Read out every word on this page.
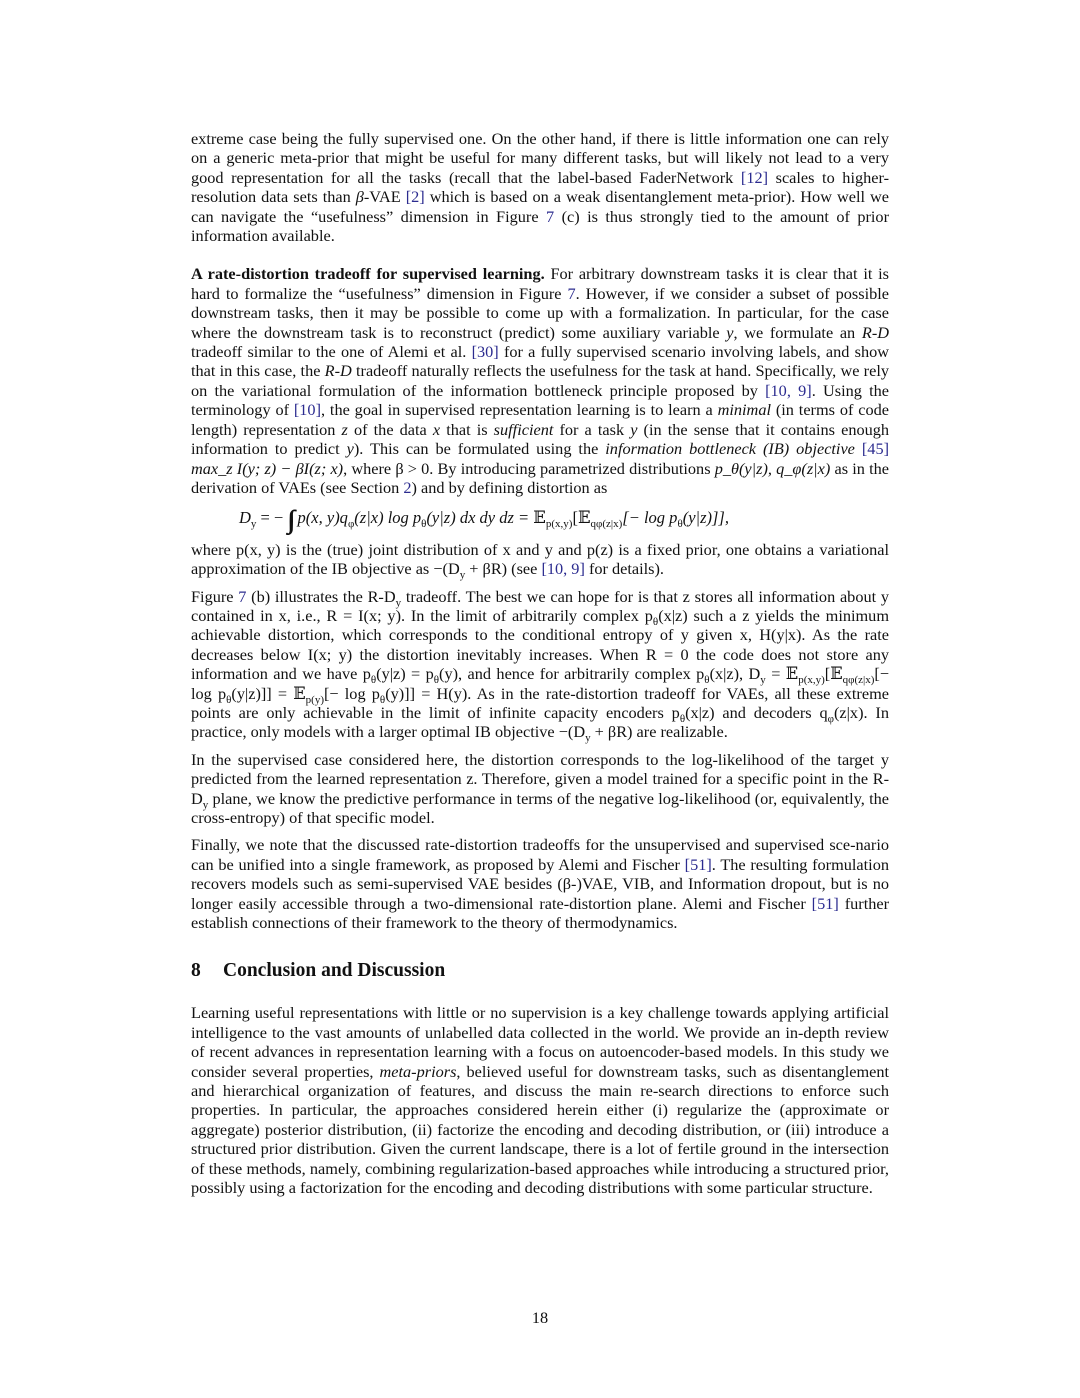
extreme case being the fully supervised one. On the other hand, if there is little information one can rely on a generic meta-prior that might be useful for many different tasks, but will likely not lead to a very good representation for all the tasks (recall that the label-based FaderNetwork [12] scales to higher-resolution data sets than β-VAE [2] which is based on a weak disentanglement meta-prior). How well we can navigate the “usefulness” dimension in Figure 7 (c) is thus strongly tied to the amount of prior information available.

A rate-distortion tradeoff for supervised learning. For arbitrary downstream tasks it is clear that it is hard to formalize the “usefulness” dimension in Figure 7. However, if we consider a subset of possible downstream tasks, then it may be possible to come up with a formalization. In particular, for the case where the downstream task is to reconstruct (predict) some auxiliary variable y, we formulate an R-D tradeoff similar to the one of Alemi et al. [30] for a fully supervised scenario involving labels, and show that in this case, the R-D tradeoff naturally reflects the usefulness for the task at hand. Specifically, we rely on the variational formulation of the information bottleneck principle proposed by [10, 9]. Using the terminology of [10], the goal in supervised representation learning is to learn a minimal (in terms of code length) representation z of the data x that is sufficient for a task y (in the sense that it contains enough information to predict y). This can be formulated using the information bottleneck (IB) objective [45] max_z I(y; z) − βI(z; x), where β > 0. By introducing parametrized distributions p_θ(y|z), q_φ(z|x) as in the derivation of VAEs (see Section 2) and by defining distortion as

$D_y$ = − ∫∫ p(x, $y)q_\varphi(z|x)$ $\log p_\theta(y|z)$ dx dy dz = 𝔼$_{p(x,y)}$[𝔼$_{q\varphi(z|x)}$[− $\log p_\theta(y|z)$]],

where p(x, y) is the (true) joint distribution of x and y and p(z) is a fixed prior, one obtains a variational approximation of the IB objective as $-(D_y + \beta R)$ (see [10, 9] for details).

Figure 7 (b) illustrates the $R-D_y$ tradeoff. The best we can hope for is that z stores all information about y contained in x, i.e., R = I(x; y). In the limit of arbitrarily complex $p_\theta(x|z)$ such a z yields the minimum achievable distortion, which corresponds to the conditional entropy of y given x, H(y|x). As the rate decreases below I(x; y) the distortion inevitably increases. When R = 0 the code does not store any information and we have $p_\theta(y|z) = p_\theta(y)$, and hence for arbitrarily complex $p_\theta(x|z)$, $D_y$ = 𝔼$_{p(x,y)}$[𝔼$_{q\varphi(z|x)}$[− $\log p_\theta(y|z)$]] = 𝔼$_{p(y)}$[− $\log p_\theta(y)]] = H(y)$. As in the rate-distortion tradeoff for VAEs, all these extreme points are only achievable in the limit of infinite capacity encoders $p_\theta(x|z)$ and decoders $q_\varphi(z|x)$. In practice, only models with a larger optimal IB objective $-(D_y + \beta R)$ are realizable.

In the supervised case considered here, the distortion corresponds to the log-likelihood of the target y predicted from the learned representation z. Therefore, given a model trained for a specific point in the $R-D_y$ plane, we know the predictive performance in terms of the negative log-likelihood (or, equivalently, the cross-entropy) of that specific model.

Finally, we note that the discussed rate-distortion tradeoffs for the unsupervised and supervised sce-nario can be unified into a single framework, as proposed by Alemi and Fischer [51]. The resulting formulation recovers models such as semi-supervised VAE besides (β-)VAE, VIB, and Information dropout, but is no longer easily accessible through a two-dimensional rate-distortion plane. Alemi and Fischer [51] further establish connections of their framework to the theory of thermodynamics.

8 Conclusion and Discussion

Learning useful representations with little or no supervision is a key challenge towards applying artificial intelligence to the vast amounts of unlabelled data collected in the world. We provide an in-depth review of recent advances in representation learning with a focus on autoencoder-based models. In this study we consider several properties, meta-priors, believed useful for downstream tasks, such as disentanglement and hierarchical organization of features, and discuss the main re-search directions to enforce such properties. In particular, the approaches considered herein either (i) regularize the (approximate or aggregate) posterior distribution, (ii) factorize the encoding and decoding distribution, or (iii) introduce a structured prior distribution. Given the current landscape, there is a lot of fertile ground in the intersection of these methods, namely, combining regularization-based approaches while introducing a structured prior, possibly using a factorization for the encoding and decoding distributions with some particular structure.

18
